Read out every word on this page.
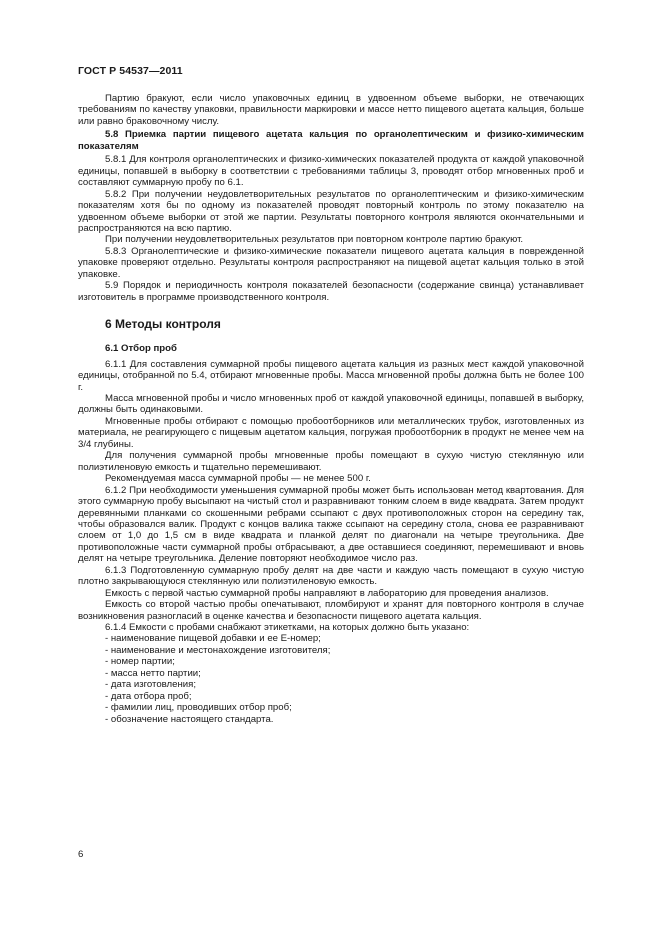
ГОСТ Р 54537—2011

Партию бракуют, если число упаковочных единиц в удвоенном объеме выборки, не отвечающих требованиям по качеству упаковки, правильности маркировки и массе нетто пищевого ацетата кальция, больше или равно браковочному числу.

5.8 Приемка партии пищевого ацетата кальция по органолептическим и физико-химическим показателям

5.8.1 Для контроля органолептических и физико-химических показателей продукта от каждой упаковочной единицы, попавшей в выборку в соответствии с требованиями таблицы 3, проводят отбор мгновенных проб и составляют суммарную пробу по 6.1.

5.8.2 При получении неудовлетворительных результатов по органолептическим и физико-химическим показателям хотя бы по одному из показателей проводят повторный контроль по этому показателю на удвоенном объеме выборки от этой же партии. Результаты повторного контроля являются окончательными и распространяются на всю партию.

При получении неудовлетворительных результатов при повторном контроле партию бракуют.

5.8.3 Органолептические и физико-химические показатели пищевого ацетата кальция в поврежденной упаковке проверяют отдельно. Результаты контроля распространяют на пищевой ацетат кальция только в этой упаковке.

5.9 Порядок и периодичность контроля показателей безопасности (содержание свинца) устанавливает изготовитель в программе производственного контроля.

6 Методы контроля
6.1 Отбор проб

6.1.1 Для составления суммарной пробы пищевого ацетата кальция из разных мест каждой упаковочной единицы, отобранной по 5.4, отбирают мгновенные пробы. Масса мгновенной пробы должна быть не более 100 г.

Масса мгновенной пробы и число мгновенных проб от каждой упаковочной единицы, попавшей в выборку, должны быть одинаковыми.

Мгновенные пробы отбирают с помощью пробоотборников или металлических трубок, изготовленных из материала, не реагирующего с пищевым ацетатом кальция, погружая пробоотборник в продукт не менее чем на 3/4 глубины.

Для получения суммарной пробы мгновенные пробы помещают в сухую чистую стеклянную или полиэтиленовую емкость и тщательно перемешивают.

Рекомендуемая масса суммарной пробы — не менее 500 г.

6.1.2 При необходимости уменьшения суммарной пробы может быть использован метод квартования. Для этого суммарную пробу высыпают на чистый стол и разравнивают тонким слоем в виде квадрата. Затем продукт деревянными планками со скошенными ребрами ссыпают с двух противоположных сторон на середину так, чтобы образовался валик. Продукт с концов валика также ссыпают на середину стола, снова ее разравнивают слоем от 1,0 до 1,5 см в виде квадрата и планкой делят по диагонали на четыре треугольника. Две противоположные части суммарной пробы отбрасывают, а две оставшиеся соединяют, перемешивают и вновь делят на четыре треугольника. Деление повторяют необходимое число раз.

6.1.3 Подготовленную суммарную пробу делят на две части и каждую часть помещают в сухую чистую плотно закрывающуюся стеклянную или полиэтиленовую емкость.

Емкость с первой частью суммарной пробы направляют в лабораторию для проведения анализов.

Емкость со второй частью пробы опечатывают, пломбируют и хранят для повторного контроля в случае возникновения разногласий в оценке качества и безопасности пищевого ацетата кальция.

6.1.4 Емкости с пробами снабжают этикетками, на которых должно быть указано:

- наименование пищевой добавки и ее Е-номер;
- наименование и местонахождение изготовителя;
- номер партии;
- масса нетто партии;
- дата изготовления;
- дата отбора проб;
- фамилии лиц, проводивших отбор проб;
- обозначение настоящего стандарта.
6
